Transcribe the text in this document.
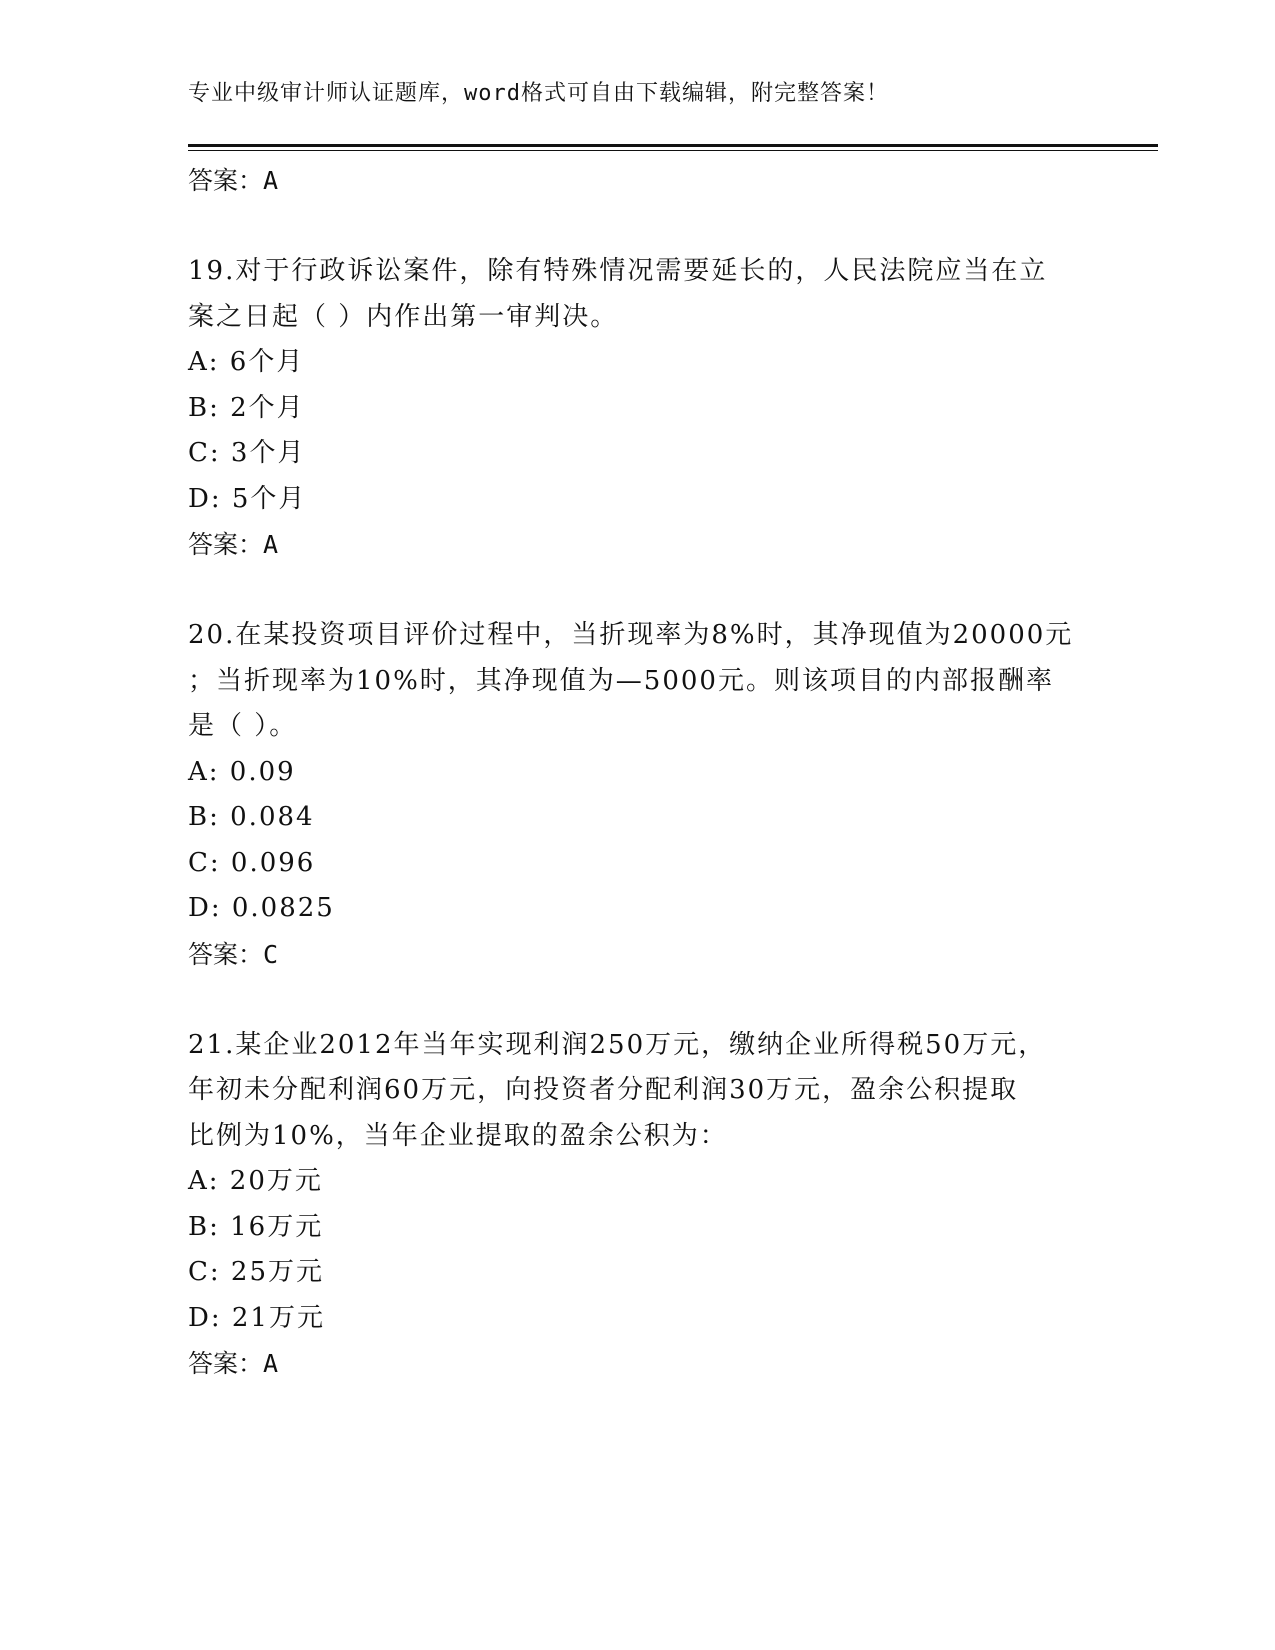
专业中级审计师认证题库，word格式可自由下载编辑，附完整答案！
答案：A
19.对于行政诉讼案件，除有特殊情况需要延长的，人民法院应当在立
案之日起（ ）内作出第一审判决。
A: 6个月
B: 2个月
C: 3个月
D: 5个月
答案：A
20.在某投资项目评价过程中，当折现率为8%时，其净现值为20000元
；当折现率为10%时，其净现值为—5000元。则该项目的内部报酬率
是（ ）。
A: 0.09
B: 0.084
C: 0.096
D: 0.0825
答案：C
21.某企业2012年当年实现利润250万元，缴纳企业所得税50万元，
年初未分配利润60万元，向投资者分配利润30万元，盈余公积提取
比例为10%，当年企业提取的盈余公积为：
A: 20万元
B: 16万元
C: 25万元
D: 21万元
答案：A
